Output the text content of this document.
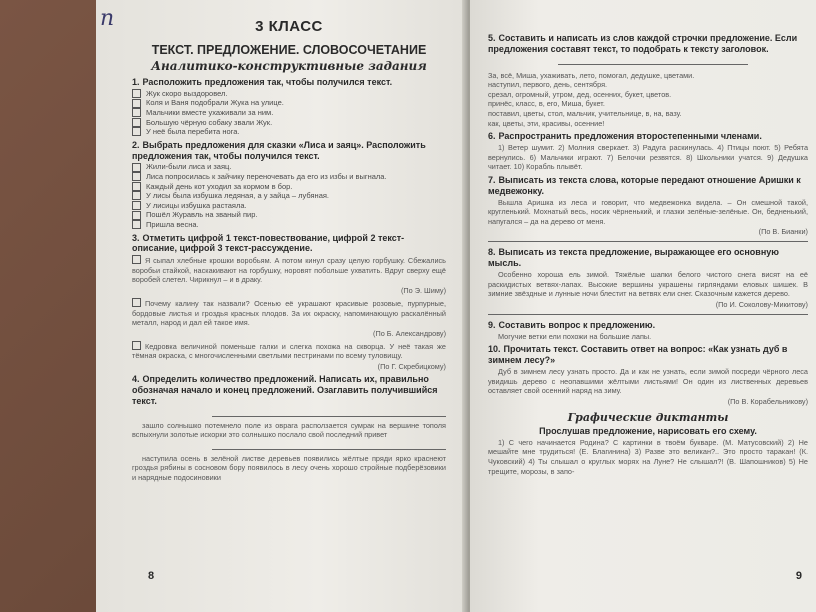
3 КЛАСС
ТЕКСТ. ПРЕДЛОЖЕНИЕ. СЛОВОСОЧЕТАНИЕ
Аналитико-конструктивные задания
1. Расположить предложения так, чтобы получился текст.
Жук скоро выздоровел.
Коля и Ваня подобрали Жука на улице.
Мальчики вместе ухаживали за ним.
Большую чёрную собаку звали Жук.
У неё была перебита нога.
2. Выбрать предложения для сказки «Лиса и заяц». Расположить предложения так, чтобы получился текст.
Жили-были лиса и заяц.
Лиса попросилась к зайчику переночевать да его из избы и выгнала.
Каждый день кот уходил за кормом в бор.
У лисы была избушка ледяная, а у зайца – лубяная.
У лисицы избушка растаяла.
Пошёл Журавль на званый пир.
Пришла весна.
3. Отметить цифрой 1 текст-повествование, цифрой 2 текст-описание, цифрой 3 текст-рассуждение.
Я сыпал хлебные крошки воробьям. А потом кинул сразу целую горбушку. Сбежались воробьи стайкой, наскакивают на горбушку, норовят побольше ухватить. Вдруг сверху ещё воробей слетел. Чирикнул – и в драку.
(По Э. Шиму)
Почему калину так назвали? Осенью её украшают красивые розовые, пурпурные, бордовые листья и гроздья красных плодов. За их окраску, напоминающую раскалённый металл, народ и дал ей такое имя.
(По Б. Александрову)
Кедровка величиной поменьше галки и слегка похожа на скворца. У неё такая же тёмная окраска, с многочисленными светлыми пестринами по всему туловищу.
(По Г. Скребицкому)
4. Определить количество предложений. Написать их, правильно обозначая начало и конец предложений. Озаглавить получившийся текст.
зашло солнышко потемнело поле из оврага расползается сумрак на вершине тополя вспыхнули золотые искорки это солнышко послало свой последний привет
наступила осень в зелёной листве деревьев появились жёлтые пряди ярко краснеют гроздья рябины в сосновом бору появилось в лесу очень хорошо стройные подберёзовики и нарядные подосиновики
8
п
5. Составить и написать из слов каждой строчки предложение. Если предложения составят текст, то подобрать к тексту заголовок.
За, всё, Миша, ухаживать, лето, помогал, дедушке, цветами.
наступил, первого, день, сентября.
срезал, огромный, утром, дед, осенних, букет, цветов.
принёс, класс, в, его, Миша, букет.
поставил, цветы, стол, мальчик, учительнице, в, на, вазу.
как, цветы, эти, красивы, осенние!
6. Распространить предложения второстепенными членами.
1) Ветер шумит. 2) Молния сверкает. 3) Радуга раскинулась. 4) Птицы поют. 5) Ребята вернулись. 6) Мальчики играют. 7) Белочки резвятся. 8) Школьники учатся. 9) Дедушка читает. 10) Корабль плывёт.
7. Выписать из текста слова, которые передают отношение Аришки к медвежонку.
Вышла Аришка из леса и говорит, что медвежонка видела. – Он смешной такой, кругленький. Мохнатый весь, носик чёрненький, и глазки зелёные-зелёные. Он, бедненький, напугался – да на дерево от меня.
(По В. Бианки)
8. Выписать из текста предложение, выражающее его основную мысль.
Особенно хороша ель зимой. Тяжёлые шапки белого чистого снега висят на её раскидистых ветвях-лапах. Высокие вершины украшены гирляндами еловых шишек. В зимние звёздные и лунные ночи блестит на ветвях ели снег. Сказочным кажется дерево.
(По И. Соколову-Микитову)
9. Составить вопрос к предложению.
Могучие ветки ели похожи на большие лапы.
10. Прочитать текст. Составить ответ на вопрос: «Как узнать дуб в зимнем лесу?»
Дуб в зимнем лесу узнать просто. Да и как не узнать, если зимой посреди чёрного леса увидишь дерево с неопавшими жёлтыми листьями! Он один из лиственных деревьев оставляет свой осенний наряд на зиму.
(По В. Корабельникову)
Графические диктанты
Прослушав предложение, нарисовать его схему.
1) С чего начинается Родина? С картинки в твоём букваре. (М. Матусовский) 2) Не мешайте мне трудиться! (Е. Благинина) 3) Разве это великан?.. Это просто таракан! (К. Чуковский) 4) Ты слышал о круглых морях на Луне? Не слышал?! (В. Шапошников) 5) Не трещите, морозы, в запо-
9
